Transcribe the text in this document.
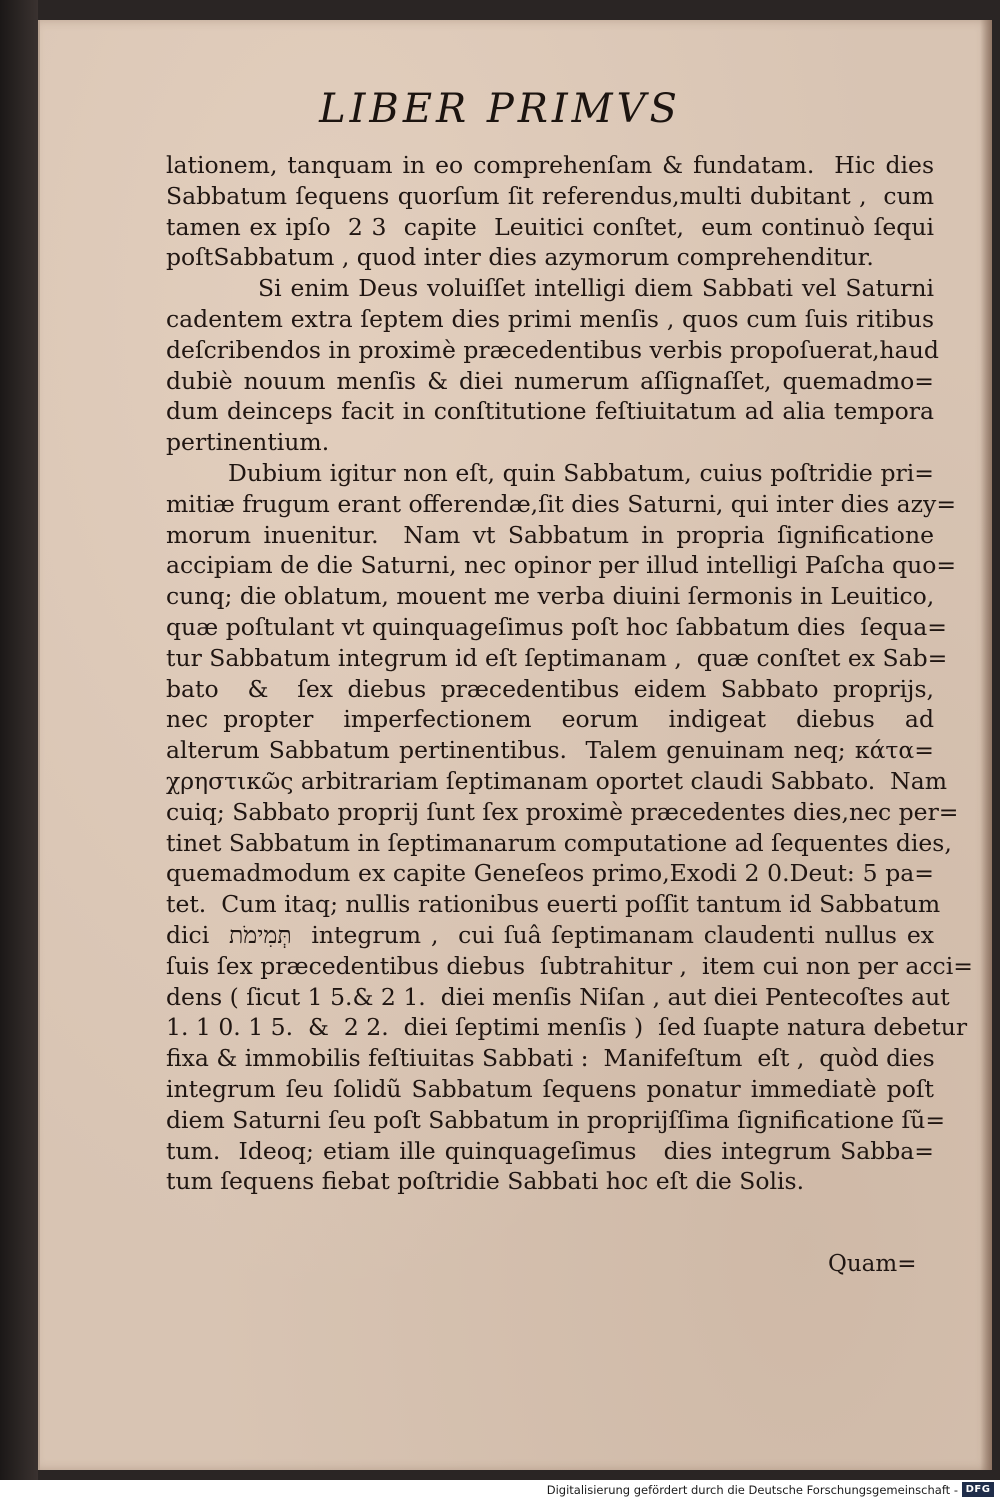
LIBER PRIMVS
lationem, tanquam in eo comprehenſam & fundatam.  Hic dies
Sabbatum ſequens quorſum ſit referendus,multi dubitant ,  cum
tamen ex ipſo  2 3  capite  Leuitici conſtet,  eum continuò ſequi
poſtSabbatum , quod inter dies azymorum comprehenditur.
Si enim Deus voluiſſet intelligi diem Sabbati vel Saturni
cadentem extra ſeptem dies primi menſis , quos cum ſuis ritibus
deſcribendos in proximè præcedentibus verbis propoſuerat,haud
dubiè nouum menſis & diei numerum aſſignaſſet, quemadmo=
dum deinceps facit in conſtitutione feſtiuitatum ad alia tempora
pertinentium.
Dubium igitur non eſt, quin Sabbatum, cuius poſtridie pri=
mitiæ frugum erant offerendæ,ſit dies Saturni, qui inter dies azy=
morum inuenitur.  Nam vt Sabbatum in propria ſignificatione
accipiam de die Saturni, nec opinor per illud intelligi Paſcha quo=
cunq; die oblatum, mouent me verba diuini ſermonis in Leuitico,
quæ poſtulant vt quinquageſimus poſt hoc ſabbatum dies  ſequa=
tur Sabbatum integrum id eſt ſeptimanam ,  quæ conſtet ex Sab=
bato  &  ſex diebus præcedentibus eidem Sabbato proprijs,
nec propter  imperfectionem  eorum  indigeat  diebus  ad
alterum Sabbatum pertinentibus.  Talem genuinam neq; κάτα=
χρηστικῶς arbitrariam ſeptimanam oportet claudi Sabbato.  Nam
cuiq; Sabbato proprij ſunt ſex proximè præcedentes dies,nec per=
tinet Sabbatum in ſeptimanarum computatione ad ſequentes dies,
quemadmodum ex capite Geneſeos primo,Exodi 2 0.Deut: 5 pa=
tet.  Cum itaq; nullis rationibus euerti poſſit tantum id Sabbatum
dici  תְּמִימֹת  integrum ,  cui ſuâ ſeptimanam claudenti nullus ex
ſuis ſex præcedentibus diebus  ſubtrahitur ,  item cui non per acci=
dens ( ſicut 1 5.& 2 1.  diei menſis Niſan , aut diei Pentecoſtes aut
1. 1 0. 1 5.  &  2 2.  diei ſeptimi menſis )  ſed ſuapte natura debetur
fixa & immobilis feſtiuitas Sabbati :  Manifeſtum  eſt ,  quòd dies
integrum ſeu ſolidũ Sabbatum ſequens ponatur immediatè poſt
diem Saturni ſeu poſt Sabbatum in proprijſſima ſignificatione ſũ=
tum.  Ideoq; etiam ille quinquageſimus   dies integrum Sabba=
tum ſequens fiebat poſtridie Sabbati hoc eſt die Solis.
Quam=
Digitalisierung gefördert durch die Deutsche Forschungsgemeinschaft - DFG
